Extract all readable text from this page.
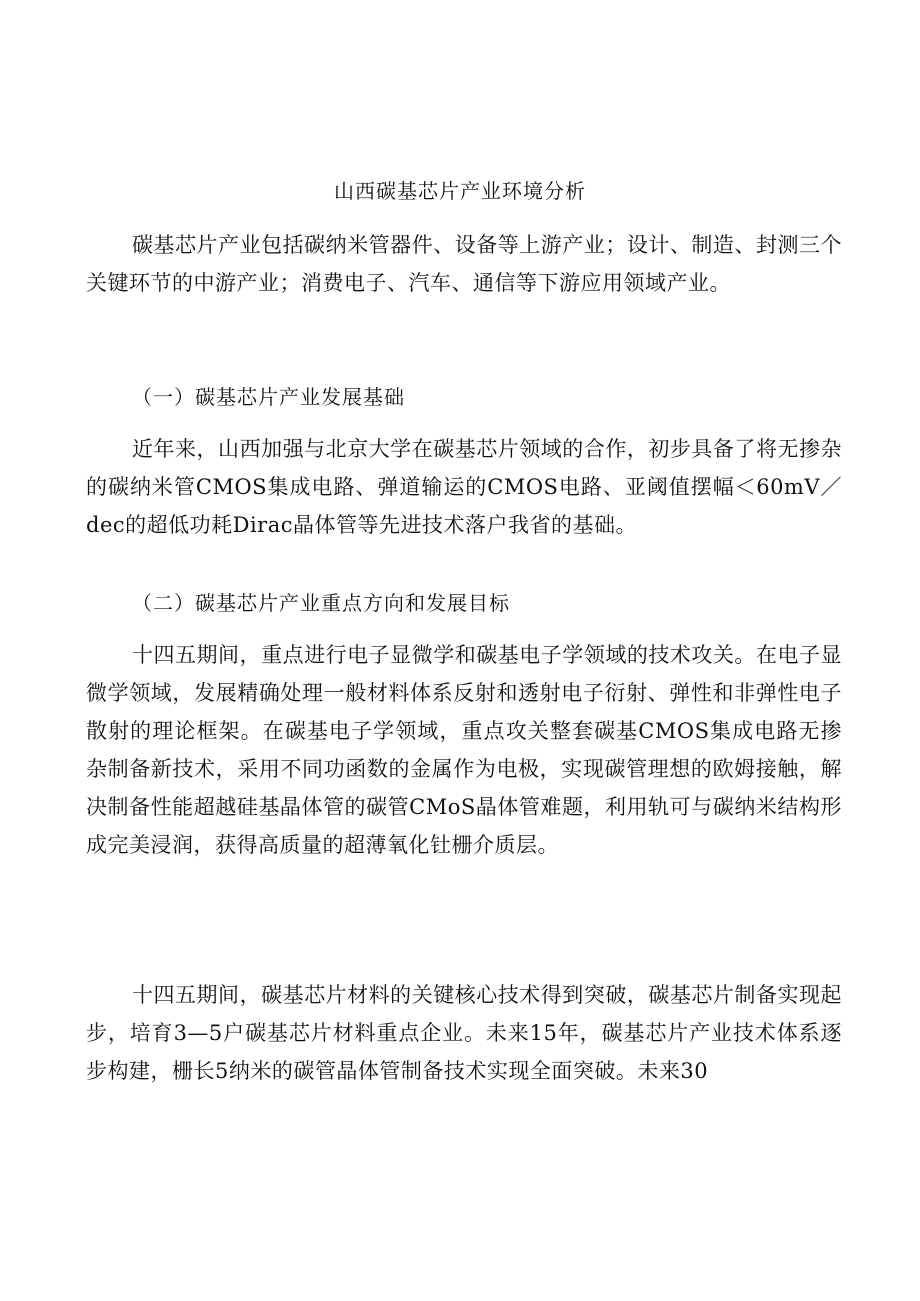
山西碳基芯片产业环境分析

碳基芯片产业包括碳纳米管器件、设备等上游产业；设计、制造、封测三个关键环节的中游产业；消费电子、汽车、通信等下游应用领域产业。

（一）碳基芯片产业发展基础

近年来，山西加强与北京大学在碳基芯片领域的合作，初步具备了将无掺杂的碳纳米管CMOS集成电路、弹道输运的CMOS电路、亚阈值摆幅＜60mV／dec的超低功耗Dirac晶体管等先进技术落户我省的基础。

（二）碳基芯片产业重点方向和发展目标

十四五期间，重点进行电子显微学和碳基电子学领域的技术攻关。在电子显微学领域，发展精确处理一般材料体系反射和透射电子衍射、弹性和非弹性电子散射的理论框架。在碳基电子学领域，重点攻关整套碳基CMOS集成电路无掺杂制备新技术，采用不同功函数的金属作为电极，实现碳管理想的欧姆接触，解决制备性能超越硅基晶体管的碳管CMoS晶体管难题，利用轨可与碳纳米结构形成完美浸润，获得高质量的超薄氧化钍栅介质层。

十四五期间，碳基芯片材料的关键核心技术得到突破，碳基芯片制备实现起步，培育3—5户碳基芯片材料重点企业。未来15年，碳基芯片产业技术体系逐步构建，栅长5纳米的碳管晶体管制备技术实现全面突破。未来30
